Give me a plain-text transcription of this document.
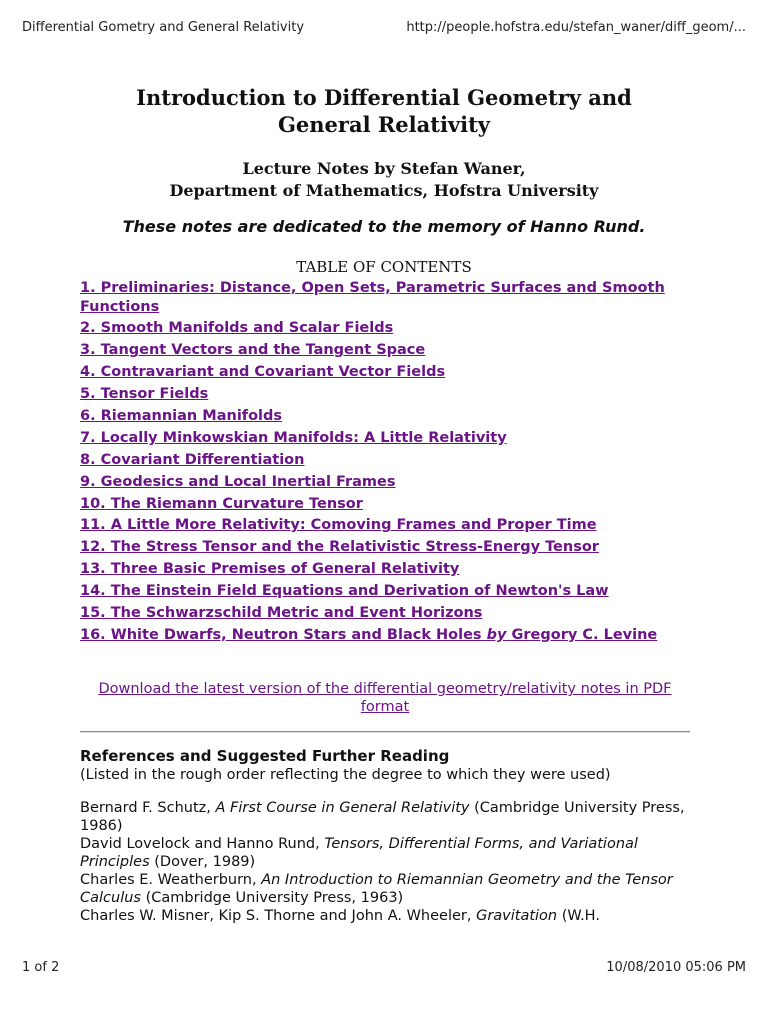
Differential Gometry and General Relativity	http://people.hofstra.edu/stefan_waner/diff_geom/...
Introduction to Differential Geometry and
General Relativity
Lecture Notes by Stefan Waner,
Department of Mathematics, Hofstra University
These notes are dedicated to the memory of Hanno Rund.
TABLE OF CONTENTS
1. Preliminaries: Distance, Open Sets, Parametric Surfaces and Smooth Functions
2. Smooth Manifolds and Scalar Fields
3. Tangent Vectors and the Tangent Space
4. Contravariant and Covariant Vector Fields
5. Tensor Fields
6. Riemannian Manifolds
7. Locally Minkowskian Manifolds: A Little Relativity
8. Covariant Differentiation
9. Geodesics and Local Inertial Frames
10. The Riemann Curvature Tensor
11. A Little More Relativity: Comoving Frames and Proper Time
12. The Stress Tensor and the Relativistic Stress-Energy Tensor
13. Three Basic Premises of General Relativity
14. The Einstein Field Equations and Derivation of Newton's Law
15. The Schwarzschild Metric and Event Horizons
16. White Dwarfs, Neutron Stars and Black Holes by Gregory C. Levine
Download the latest version of the differential geometry/relativity notes in PDF format
References and Suggested Further Reading
(Listed in the rough order reflecting the degree to which they were used)

Bernard F. Schutz, A First Course in General Relativity (Cambridge University Press, 1986)

David Lovelock and Hanno Rund, Tensors, Differential Forms, and Variational Principles (Dover, 1989)

Charles E. Weatherburn, An Introduction to Riemannian Geometry and the Tensor Calculus (Cambridge University Press, 1963)

Charles W. Misner, Kip S. Thorne and John A. Wheeler, Gravitation (W.H.

1 of 2	10/08/2010 05:06 PM
